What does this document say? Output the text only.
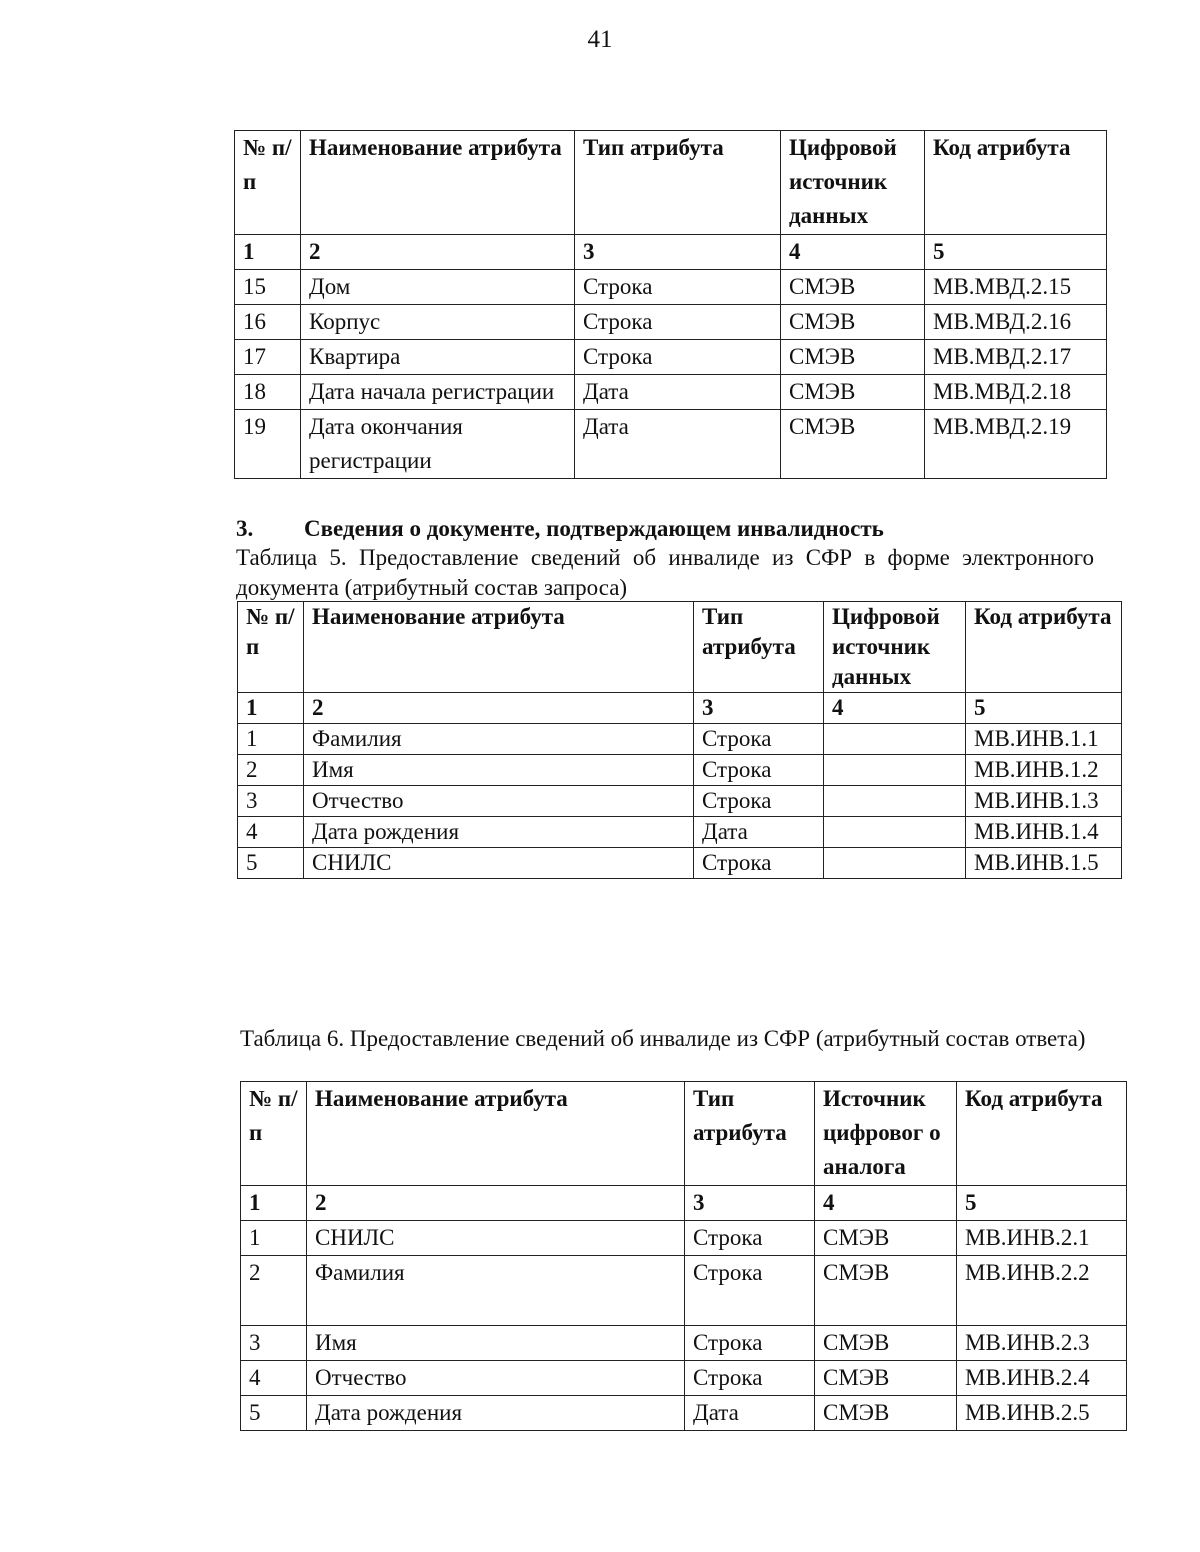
41
№ п/п	Наименование атрибута	Тип атрибута	Цифровой источник данных	Код атрибута
1	2	3	4	5
15	Дом	Строка	СМЭВ	МВ.МВД.2.15
16	Корпус	Строка	СМЭВ	МВ.МВД.2.16
17	Квартира	Строка	СМЭВ	МВ.МВД.2.17
18	Дата начала регистрации	Дата	СМЭВ	МВ.МВД.2.18
19	Дата окончания регистрации	Дата	СМЭВ	МВ.МВД.2.19
3. Сведения о документе, подтверждающем инвалидность
Таблица 5. Предоставление сведений об инвалиде из СФР в форме электронного документа (атрибутный состав запроса)
№ п/п	Наименование атрибута	Тип атрибута	Цифровой источник данных	Код атрибута
1	2	3	4	5
1	Фамилия	Строка		МВ.ИНВ.1.1
2	Имя	Строка		МВ.ИНВ.1.2
3	Отчество	Строка		МВ.ИНВ.1.3
4	Дата рождения	Дата		МВ.ИНВ.1.4
5	СНИЛС	Строка		МВ.ИНВ.1.5
Таблица 6. Предоставление сведений об инвалиде из СФР (атрибутный состав ответа)
№ п/п	Наименование атрибута	Тип атрибута	Источник цифровог о аналога	Код атрибута
1	2	3	4	5
1	СНИЛС	Строка	СМЭВ	МВ.ИНВ.2.1
2	Фамилия	Строка	СМЭВ	МВ.ИНВ.2.2
3	Имя	Строка	СМЭВ	МВ.ИНВ.2.3
4	Отчество	Строка	СМЭВ	МВ.ИНВ.2.4
5	Дата рождения	Дата	СМЭВ	МВ.ИНВ.2.5
